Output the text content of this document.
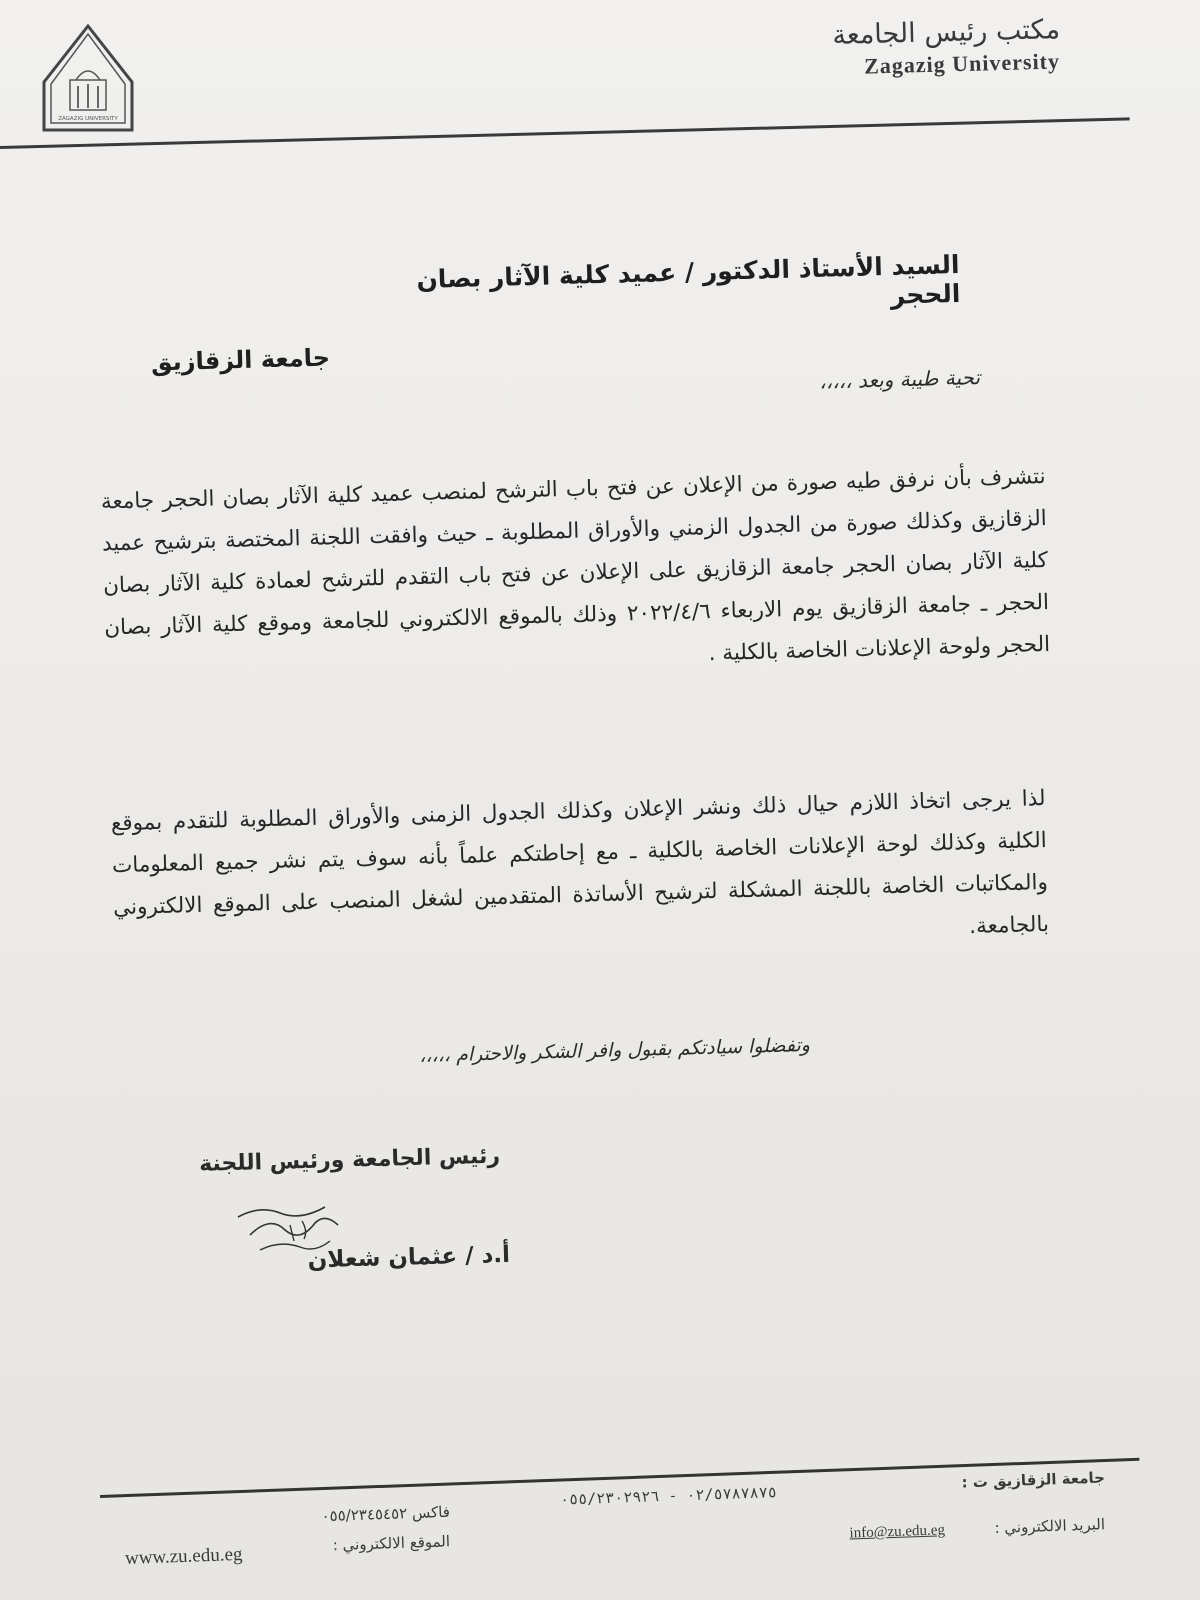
ZAGAZIG UNIVERSITY
مكتب رئيس الجامعة
Zagazig University
السيد الأستاذ الدكتور / عميد كلية الآثار بصان الحجر
جامعة الزقازيق
تحية طيبة وبعد ،،،،،
نتشرف بأن نرفق طيه صورة من الإعلان عن فتح باب الترشح لمنصب عميد كلية الآثار بصان الحجر جامعة الزقازيق وكذلك صورة من الجدول الزمني والأوراق المطلوبة ـ حيث وافقت اللجنة المختصة بترشيح عميد كلية الآثار بصان الحجر جامعة الزقازيق على الإعلان عن فتح باب التقدم للترشح لعمادة كلية الآثار بصان الحجر ـ جامعة الزقازيق يوم الاربعاء ٢٠٢٢/٤/٦ وذلك بالموقع الالكتروني للجامعة وموقع كلية الآثار بصان الحجر ولوحة الإعلانات الخاصة بالكلية .
لذا يرجى اتخاذ اللازم حيال ذلك ونشر الإعلان وكذلك الجدول الزمنى والأوراق المطلوبة للتقدم بموقع الكلية وكذلك لوحة الإعلانات الخاصة بالكلية ـ مع إحاطتكم علماً بأنه سوف يتم نشر جميع المعلومات والمكاتبات الخاصة باللجنة المشكلة لترشيح الأساتذة المتقدمين لشغل المنصب على الموقع الالكتروني بالجامعة.
وتفضلوا سيادتكم بقبول وافر الشكر والاحترام ،،،،،
رئيس الجامعة ورئيس اللجنة
أ.د / عثمان شعلان
جامعة الزقازيق ت :
٠٢/٥٧٨٧٨٧٥ - ٠٥٥/٢٣٠٢٩٢٦
فاكس ٠٥٥/٢٣٤٥٤٥٢
البريد الالكتروني :
info@zu.edu.eg
الموقع الالكتروني :
www.zu.edu.eg
